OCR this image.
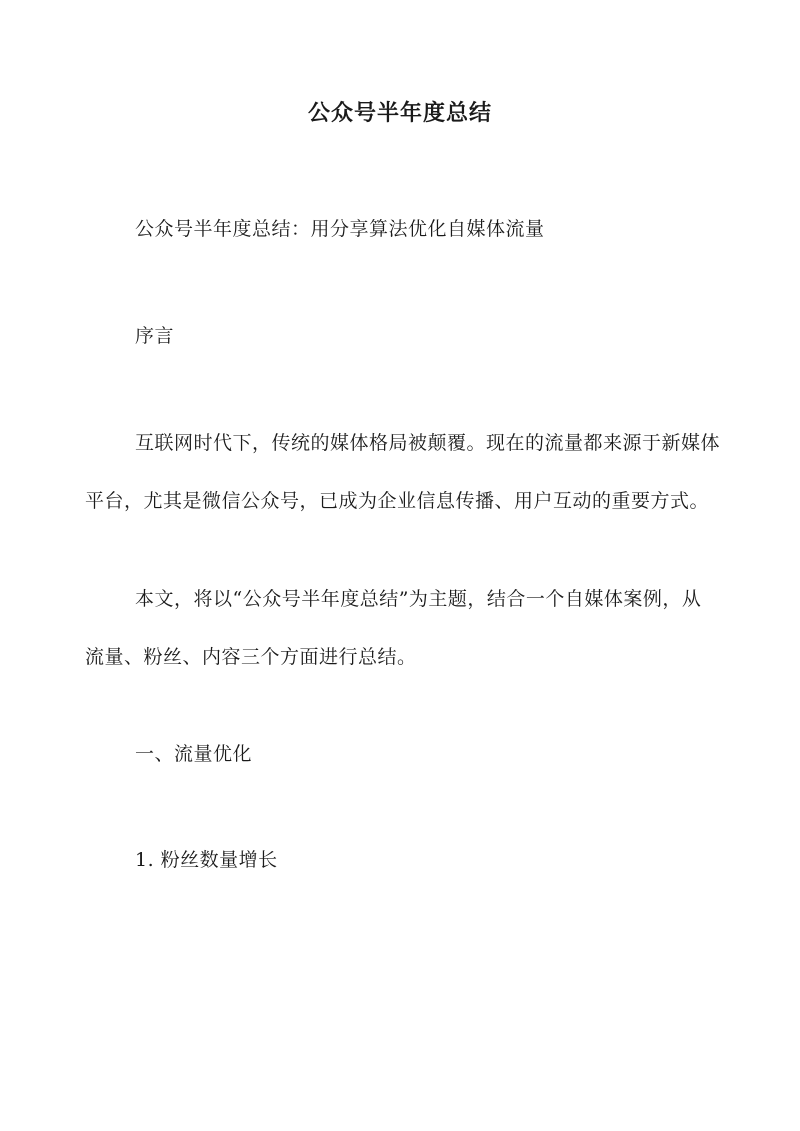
公众号半年度总结
公众号半年度总结：用分享算法优化自媒体流量
序言
互联网时代下，传统的媒体格局被颠覆。现在的流量都来源于新媒体
平台，尤其是微信公众号，已成为企业信息传播、用户互动的重要方式。
本文，将以“公众号半年度总结”为主题，结合一个自媒体案例，从
流量、粉丝、内容三个方面进行总结。
一、流量优化
1. 粉丝数量增长
